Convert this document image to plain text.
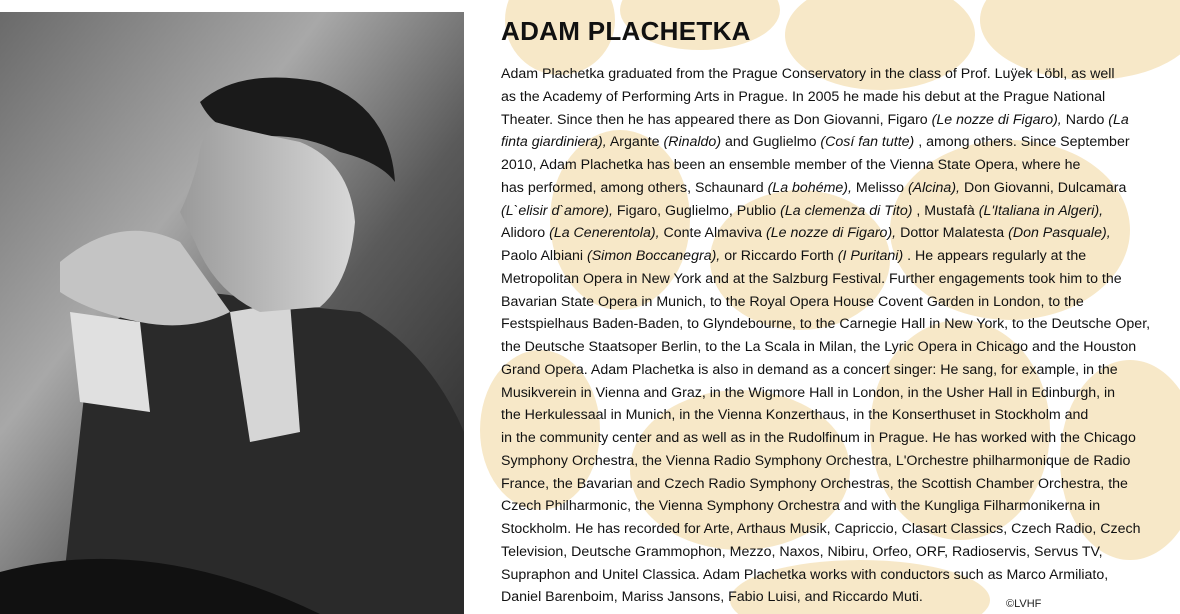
ADAM PLACHETKA
Adam Plachetka graduated from the Prague Conservatory in the class of Prof. Luÿek Löbl, as well
as the Academy of Performing Arts in Prague. In 2005 he made his debut at the Prague National
Theater. Since then he has appeared there as Don Giovanni, Figaro (Le nozze di Figaro), Nardo (La
finta giardiniera), Argante (Rinaldo) and Guglielmo (Cosí fan tutte) , among others. Since September
2010, Adam Plachetka has been an ensemble member of the Vienna State Opera, where he
has performed, among others, Schaunard (La bohéme), Melisso (Alcina), Don Giovanni, Dulcamara
(L`elisir d`amore), Figaro, Guglielmo, Publio (La clemenza di Tito) , Mustafà (L'Italiana in Algeri),
Alidoro (La Cenerentola), Conte Almaviva (Le nozze di Figaro), Dottor Malatesta (Don Pasquale),
Paolo Albiani (Simon Boccanegra), or Riccardo Forth (I Puritani) . He appears regularly at the
Metropolitan Opera in New York and at the Salzburg Festival. Further engagements took him to the
Bavarian State Opera in Munich, to the Royal Opera House Covent Garden in London, to the
Festspielhaus Baden-Baden, to Glyndebourne, to the Carnegie Hall in New York, to the Deutsche Oper,
the Deutsche Staatsoper Berlin, to the La Scala in Milan, the Lyric Opera in Chicago and the Houston
Grand Opera. Adam Plachetka is also in demand as a concert singer: He sang, for example, in the
Musikverein in Vienna and Graz, in the Wigmore Hall in London, in the Usher Hall in Edinburgh, in
the Herkulessaal in Munich, in the Vienna Konzerthaus, in the Konserthuset in Stockholm and
in the community center and as well as in the Rudolfinum in Prague. He has worked with the Chicago
Symphony Orchestra, the Vienna Radio Symphony Orchestra, L'Orchestre philharmonique de Radio
France, the Bavarian and Czech Radio Symphony Orchestras, the Scottish Chamber Orchestra, the
Czech Philharmonic, the Vienna Symphony Orchestra and with the Kungliga Filharmonikerna in
Stockholm. He has recorded for Arte, Arthaus Musik, Capriccio, Clasart Classics, Czech Radio, Czech
Television, Deutsche Grammophon, Mezzo, Naxos, Nibiru, Orfeo, ORF, Radioservis, Servus TV,
Supraphon and Unitel Classica. Adam Plachetka works with conductors such as Marco Armiliato,
Daniel Barenboim, Mariss Jansons, Fabio Luisi, and Riccardo Muti.	©LVHF
